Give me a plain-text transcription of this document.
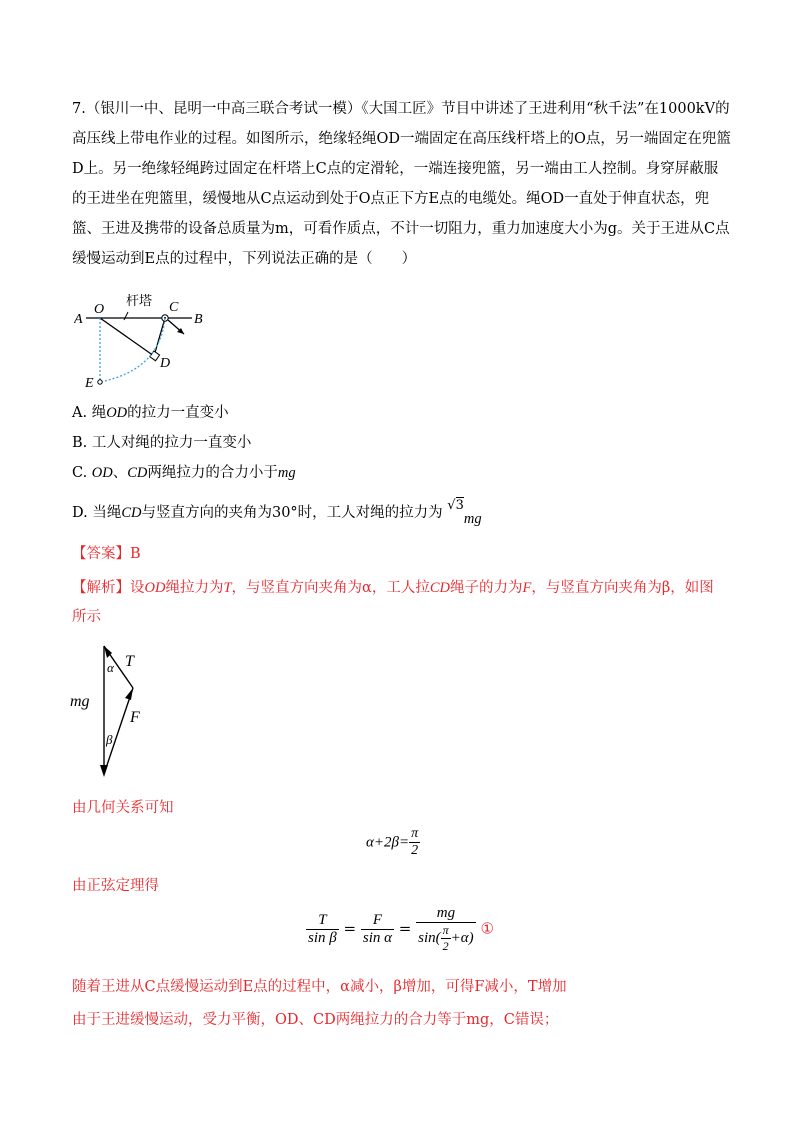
7.（银川一中、昆明一中高三联合考试一模）《大国工匠》节目中讲述了王进利用“秋千法”在1000kV的高压线上带电作业的过程。如图所示，绝缘轻绳OD一端固定在高压线杆塔上的O点，另一端固定在兜篮D上。另一绝缘轻绳跨过固定在杆塔上C点的定滑轮，一端连接兜篮，另一端由工人控制。身穿屏蔽服的王进坐在兜篮里，缓慢地从C点运动到处于O点正下方E点的电缆处。绳OD一直处于伸直状态，兜篮、王进及携带的设备总质量为m，可看作质点，不计一切阻力，重力加速度大小为g。关于王进从C点缓慢运动到E点的过程中，下列说法正确的是（　　）
A
O
杆塔 C
B
D
E
A. 绳OD的拉力一直变小
B. 工人对绳的拉力一直变小
C. OD、CD两绳拉力的合力小于mg
D. 当绳CD与竖直方向的夹角为30°时，工人对绳的拉力为 √3mg
【答案】B
【解析】设OD绳拉力为T，与竖直方向夹角为α，工人拉CD绳子的力为F，与竖直方向夹角为β，如图
所示
mg
T
F
α
β
由几何关系可知
$\alpha+2\beta= \frac{\pi}{2}$
由正弦定理得
$\frac{T}{\text{sin β}} = \frac{F}{\text{sin α}} = \frac{mg}{\sin( \frac{\pi}{2} +\alpha)}$ ①
随着王进从C点缓慢运动到E点的过程中，α减小，β增加，可得F减小，T增加
由于王进缓慢运动，受力平衡，OD、CD两绳拉力的合力等于mg，C错误；
